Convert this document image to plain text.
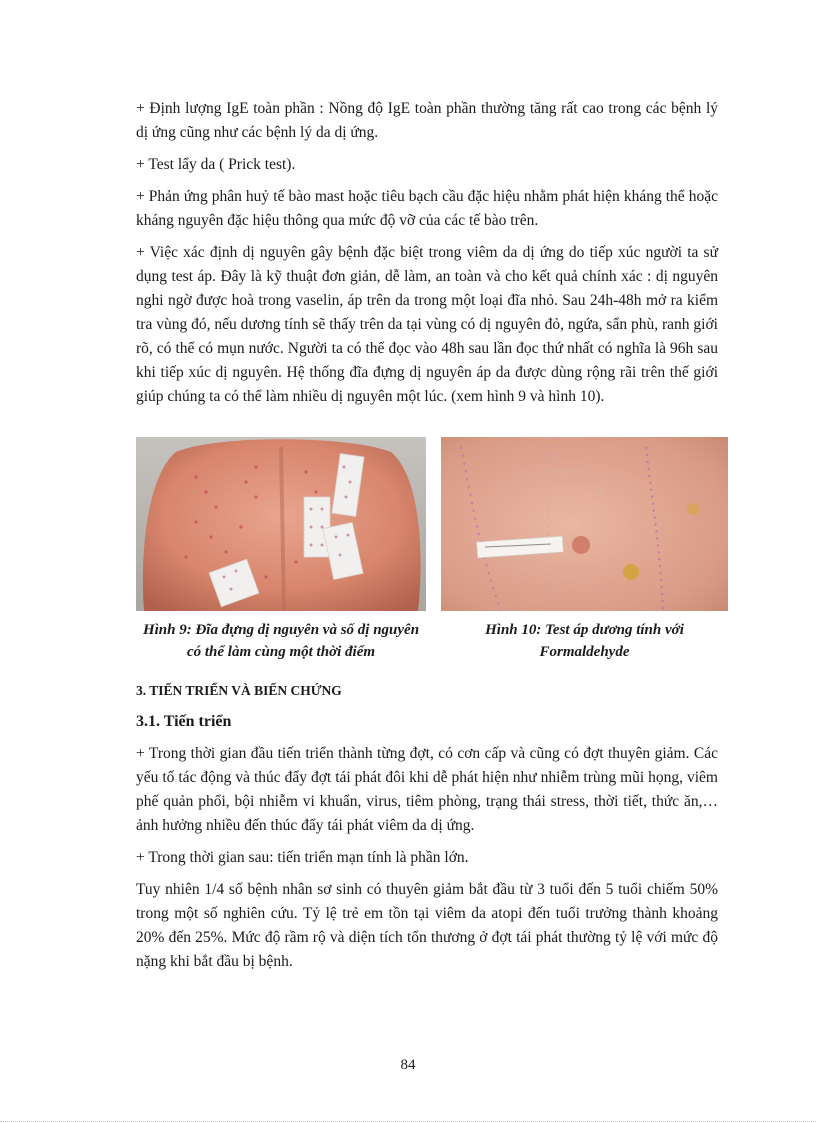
+ Định lượng IgE toàn phần : Nồng độ IgE toàn phần thường tăng rất cao trong các bệnh lý dị ứng cũng như các bệnh lý da dị ứng.

+ Test lẩy da ( Prick test).

+ Phản ứng phân huỷ tế bào mast hoặc tiêu bạch cầu đặc hiệu nhằm phát hiện kháng thể hoặc kháng nguyên đặc hiệu thông qua mức độ vỡ của các tế bào trên.

+ Việc xác định dị nguyên gây bệnh đặc biệt trong viêm da dị ứng do tiếp xúc người ta sử dụng test áp. Đây là kỹ thuật đơn giản, dễ làm, an toàn và cho kết quả chính xác : dị nguyên nghi ngờ được hoà trong vaselin, áp trên da trong một loại đĩa nhỏ. Sau 24h-48h mở ra kiểm tra vùng đó, nếu dương tính sẽ thấy trên da tại vùng có dị nguyên đỏ, ngứa, sẩn phù, ranh giới rõ, có thể có mụn nước. Người ta có thể đọc vào 48h sau lần đọc thứ nhất có nghĩa là 96h sau khi tiếp xúc dị nguyên. Hệ thống đĩa đựng dị nguyên áp da được dùng rộng rãi trên thế giới giúp chúng ta có thể làm nhiều dị nguyên một lúc. (xem hình 9 và hình 10).

Hình 9: Đĩa đựng dị nguyên và số dị nguyên có thể làm cùng một thời điểm
Hình 10: Test áp dương tính với Formaldehyde

3. TIẾN TRIỂN VÀ BIẾN CHỨNG

3.1. Tiến triển

+ Trong thời gian đầu tiến triển thành từng đợt, có cơn cấp và cũng có đợt thuyên giảm. Các yếu tố tác động và thúc đẩy đợt tái phát đôi khi dễ phát hiện như nhiễm trùng mũi họng, viêm phế quản phổi, bội nhiễm vi khuẩn, virus, tiêm phòng, trạng thái stress, thời tiết, thức ăn,… ảnh hưởng nhiều đến thúc đẩy tái phát viêm da dị ứng.

+ Trong thời gian sau: tiến triển mạn tính là phần lớn.

Tuy nhiên 1/4 số bệnh nhân sơ sinh có thuyên giảm bắt đầu từ 3 tuổi đến 5 tuổi chiếm 50% trong một số nghiên cứu. Tỷ lệ trẻ em tồn tại viêm da atopi đến tuổi trưởng thành khoảng 20% đến 25%. Mức độ rầm rộ và diện tích tổn thương ở đợt tái phát thường tỷ lệ với mức độ nặng khi bắt đầu bị bệnh.

84
